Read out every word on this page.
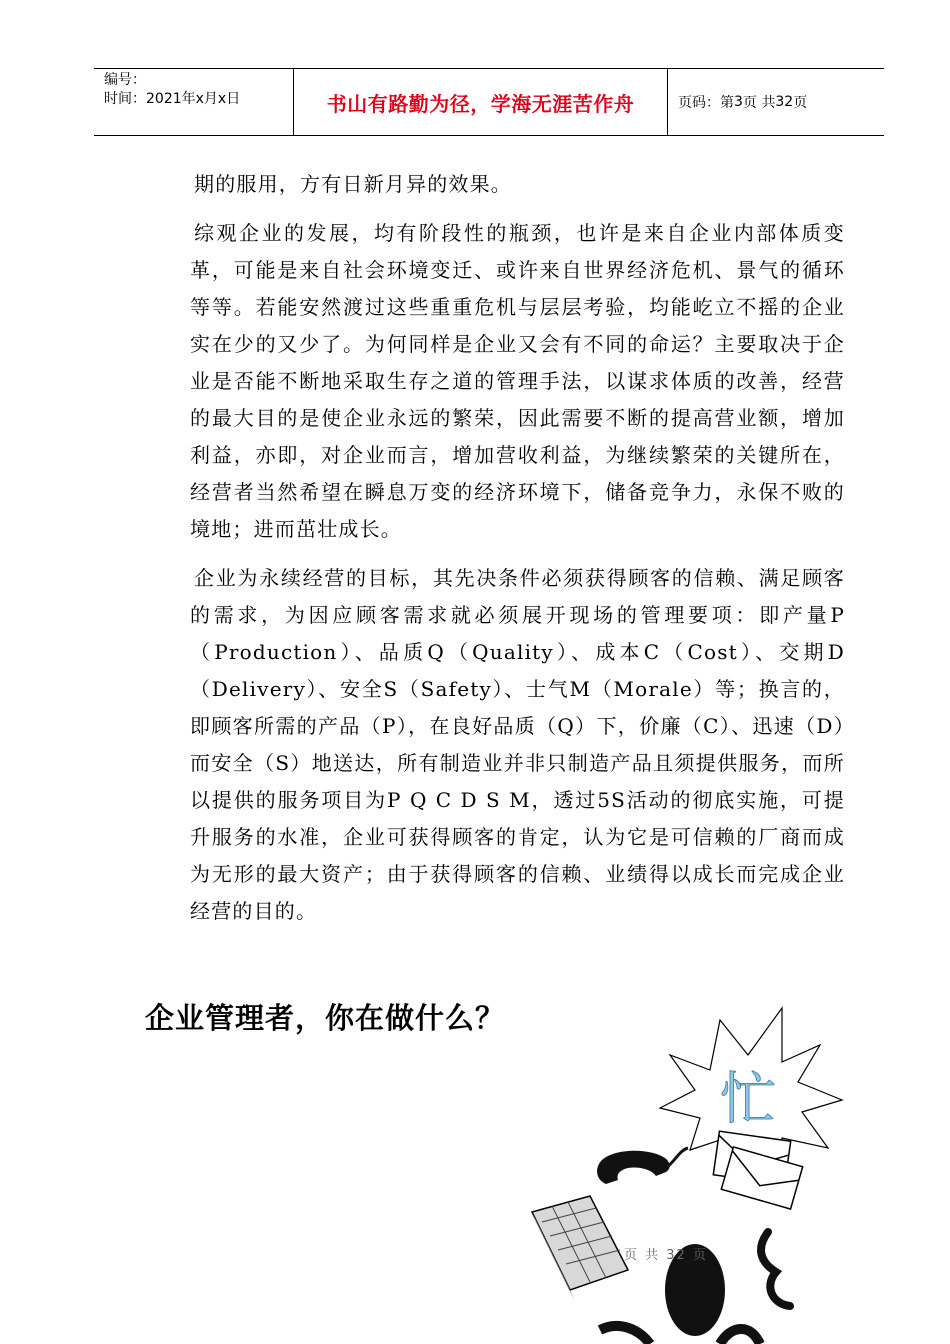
编号：
时间：2021年x月x日	书山有路勤为径，学海无涯苦作舟	页码：第 3 页 共 32 页

期的服用，方有日新月异的效果。

综观企业的发展，均有阶段性的瓶颈，也许是来自企业内部体质变革，可能是来自社会环境变迁、或许来自世界经济危机、景气的循环等等。若能安然渡过这些重重危机与层层考验，均能屹立不摇的企业实在少的又少了。为何同样是企业又会有不同的命运？主要取决于企业是否能不断地采取生存之道的管理手法，以谋求体质的改善，经营的最大目的是使企业永远的繁荣，因此需要不断的提高营业额，增加利益，亦即，对企业而言，增加营收利益，为继续繁荣的关键所在，经营者当然希望在瞬息万变的经济环境下，储备竞争力，永保不败的境地；进而茁壮成长。

企业为永续经营的目标，其先决条件必须获得顾客的信赖、满足顾客的需求，为因应顾客需求就必须展开现场的管理要项：即产量P（Production）、品质Q（Quality）、成本C（Cost）、交期D（Delivery）、安全S（Safety）、士气M（Morale）等；换言的，即顾客所需的产品（P），在良好品质（Q）下，价廉（C）、迅速（D）而安全（S）地送达，所有制造业并非只制造产品且须提供服务，而所以提供的服务项目为P Q C D S M，透过5S活动的彻底实施，可提升服务的水准，企业可获得顾客的肯定，认为它是可信赖的厂商而成为无形的最大资产；由于获得顾客的信赖、业绩得以成长而完成企业经营的目的。

企业管理者，你在做什么？
忙
页 共 32 页
